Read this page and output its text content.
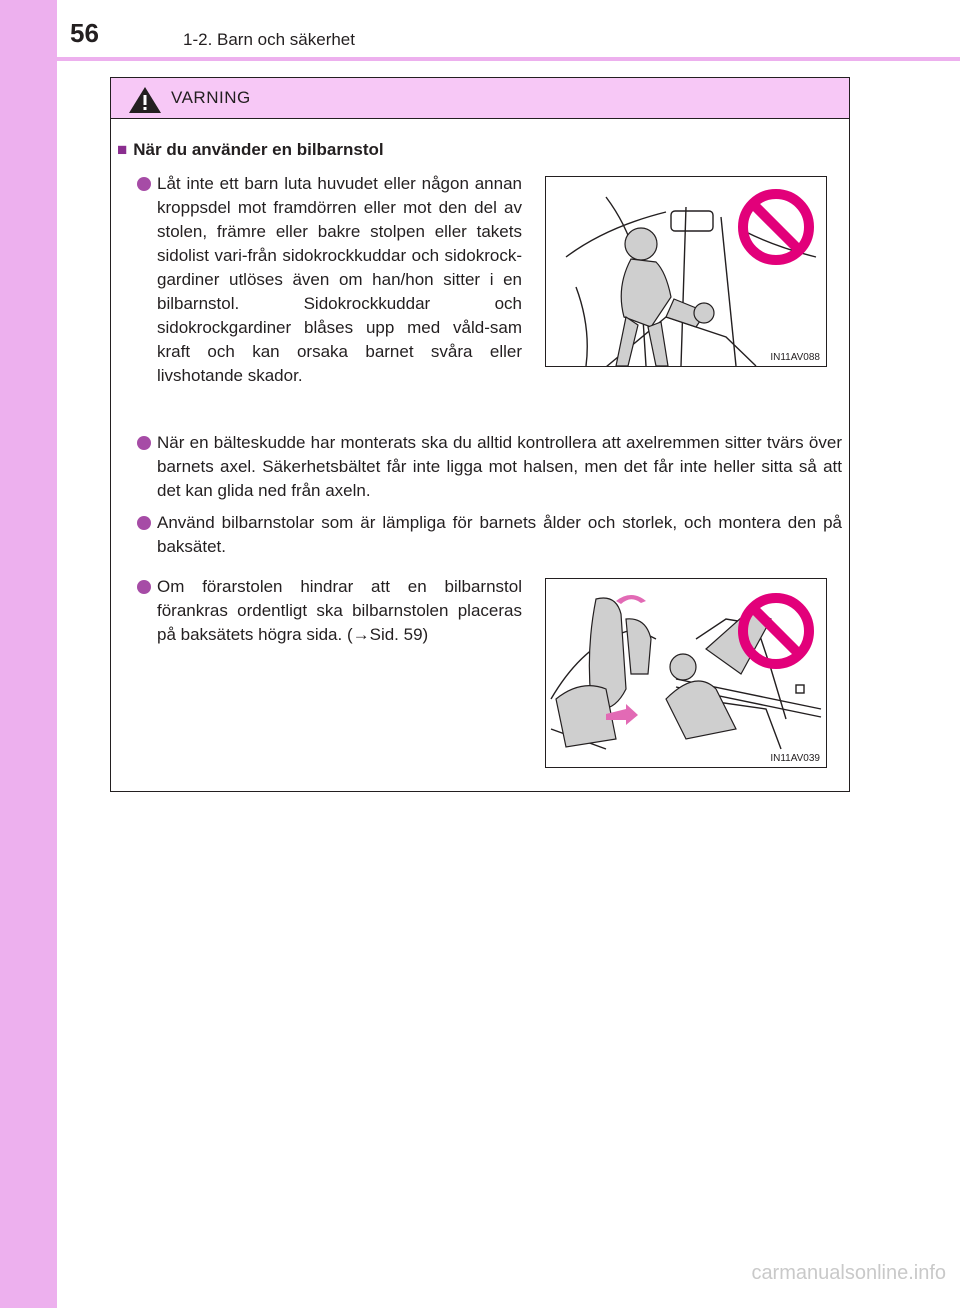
56	1-2. Barn och säkerhet
VARNING
■ När du använder en bilbarnstol
Låt inte ett barn luta huvudet eller någon annan kroppsdel mot framdörren eller mot den del av stolen, främre eller bakre stolpen eller takets sidolist vari-från sidokrockkuddar och sidokrock-gardiner utlöses även om han/hon sitter i en bilbarnstol. Sidokrockkuddar och sidokrockgardiner blåses upp med våld-sam kraft och kan orsaka barnet svåra eller livshotande skador.
IN11AV088
När en bälteskudde har monterats ska du alltid kontrollera att axelremmen sitter tvärs över barnets axel. Säkerhetsbältet får inte ligga mot halsen, men det får inte heller sitta så att det kan glida ned från axeln.
Använd bilbarnstolar som är lämpliga för barnets ålder och storlek, och montera den på baksätet.
Om förarstolen hindrar att en bilbarnstol förankras ordentligt ska bilbarnstolen placeras på baksätets högra sida. (→Sid. 59)
IN11AV039
carmanualsonline.info
